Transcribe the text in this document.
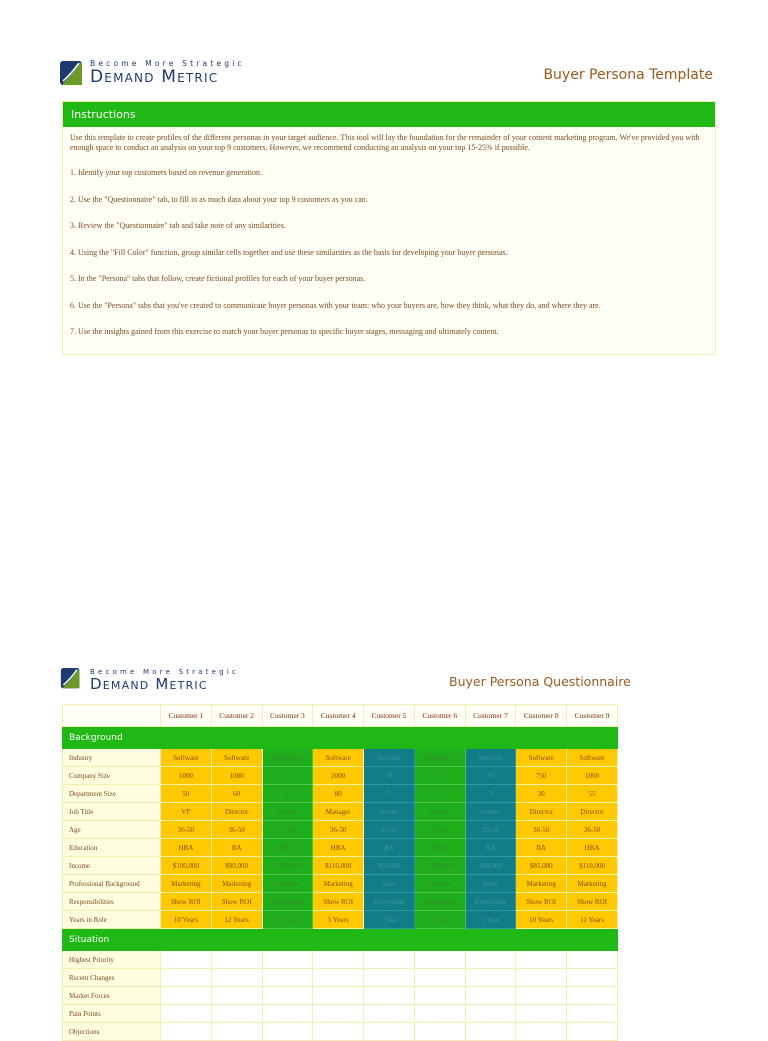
Become More Strategic
Demand Metric	Buyer Persona Template
Instructions

Use this template to create profiles of the different personas in your target audience. This tool will lay the foundation for the remainder of your content marketing program. We've provided you with enough space to conduct an analysis on your top 9 customers. However, we recommend conducting an analysis on your top 15-25% if possible.

1. Identify your top customers based on revenue generation.

2. Use the "Questionnaire" tab, to fill in as much data about your top 9 customers as you can.

3. Review the "Questionnaire" tab and take note of any similarities.

4. Using the "Fill Color" function, group similar cells together and use these similarities as the basis for developing your buyer personas.

5. In the "Persona" tabs that follow, create fictional profiles for each of your buyer personas.

6. Use the "Persona" tabs that you've created to communicate buyer personas with your team: who your buyers are, how they think, what they do, and where they are.

7. Use the insights gained from this exercise to match your buyer personas to specific buyer stages, messaging and ultimately content.

Become More Strategic
Demand Metric	Buyer Persona Questionnaire
	Customer 1	Customer 2	Customer 3	Customer 4	Customer 5	Customer 6	Customer 7	Customer 8	Customer 9
Background									
Industry	Software	Software	Hardware	Software	Services	Hardware	Services	Software	Software
Company Size	1000	1000	50	2000	50	50	30	750	1000
Department Size	50	60	5	80	3	5	3	30	55
Job Title	VP	Director	Owner	Manager	Owner	Owner	Owner	Director	Director
Age	36-50	36-50	51-65	36-50	25-35	51-65	25-35	36-50	36-50
Education	HBA	BA	MBA	HBA	BA	MBA	BA	BA	HBA
Income	$100,000	$90,000	$200,000	$110,000	$50,000	$200,000	$60,000	$85,000	$110,000
Professional Background	Marketing	Marketing	Finance	Marketing	Sales	Finance	Sales	Marketing	Marketing
Responsibilities	Show ROI	Show ROI	Profitability	Show ROI	Everything	Profitability	Everything	Show ROI	Show ROI
Years in Role	10 Years	12 Years	5 Years	5 Years	1 Year	5 Years	1 Year	10 Years	11 Years
Situation									
Highest Priority									
Recent Changes									
Market Forces									
Pain Points									
Objections									
